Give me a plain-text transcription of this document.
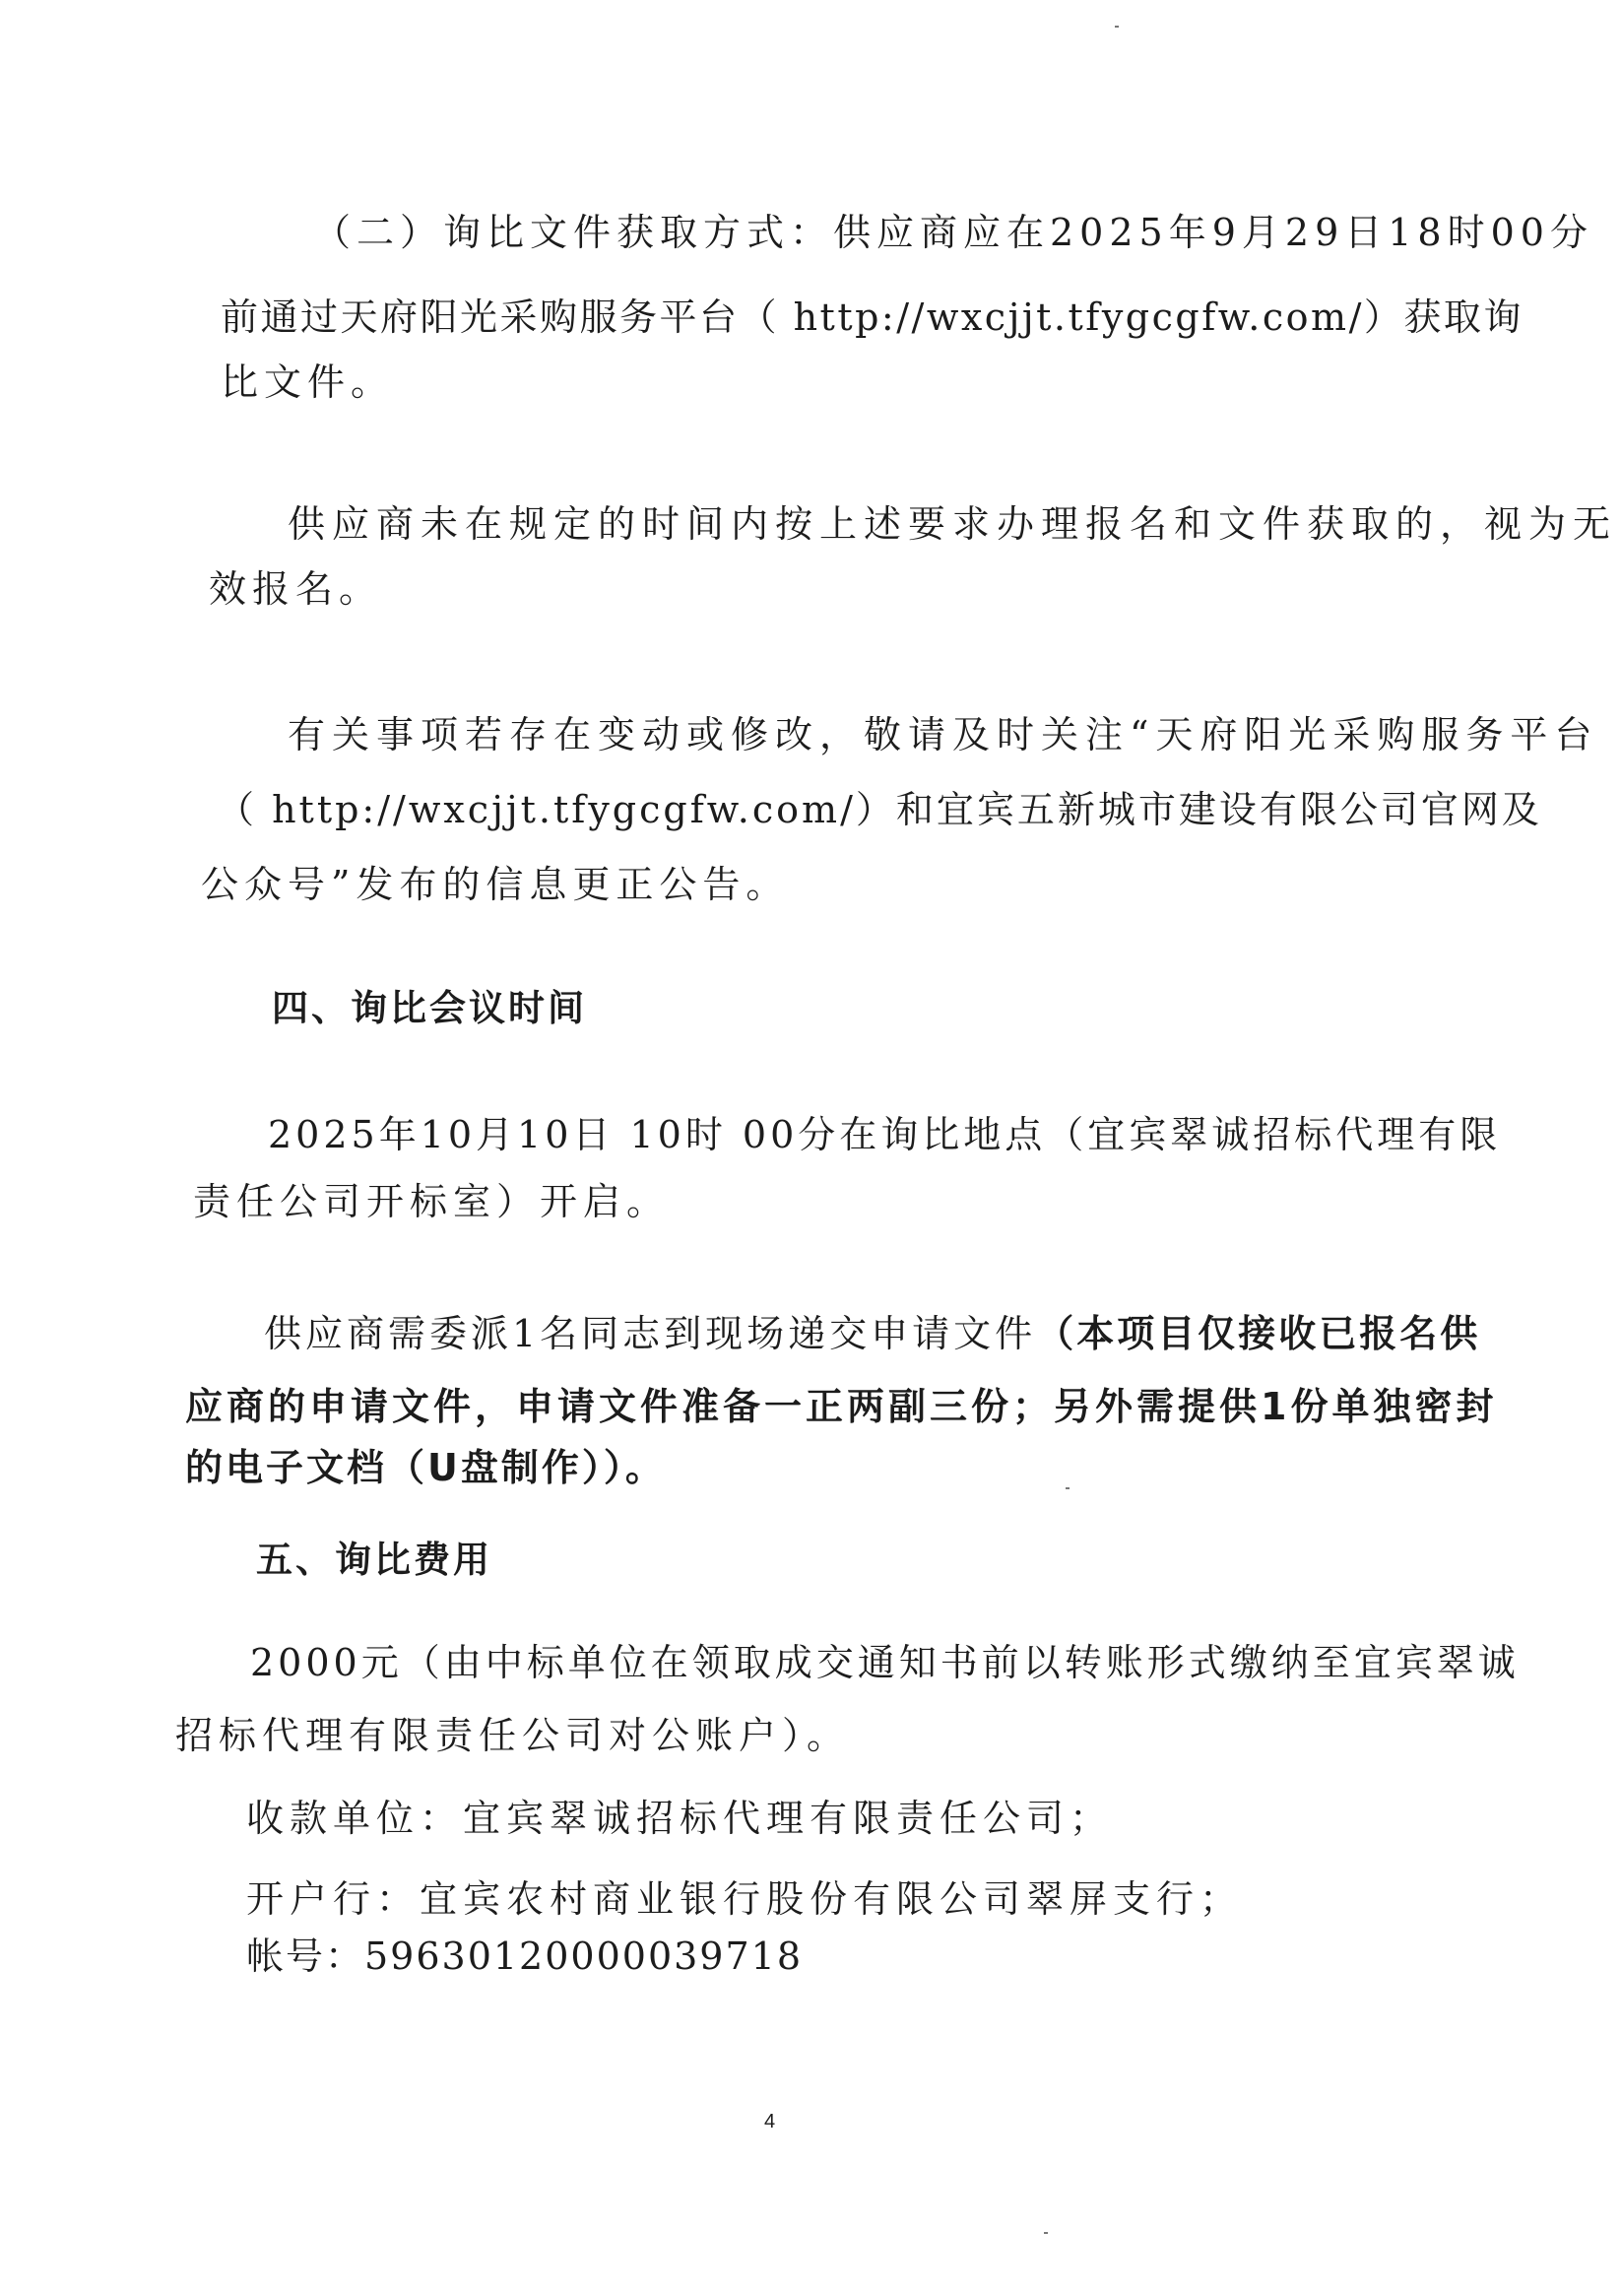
（二）询比文件获取方式：供应商应在2025年9月29日18时00分
前通过天府阳光采购服务平台（ http://wxcjjt.tfygcgfw.com/）获取询
比文件。
供应商未在规定的时间内按上述要求办理报名和文件获取的，视为无
效报名。
有关事项若存在变动或修改，敬请及时关注“天府阳光采购服务平台
（ http://wxcjjt.tfygcgfw.com/）和宜宾五新城市建设有限公司官网及
公众号”发布的信息更正公告。
四、询比会议时间
2025年10月10日 10时 00分在询比地点（宜宾翠诚招标代理有限
责任公司开标室）开启。
供应商需委派1名同志到现场递交申请文件（本项目仅接收已报名供
应商的申请文件，申请文件准备一正两副三份；另外需提供1份单独密封
的电子文档（U盘制作））。
五、询比费用
2000元（由中标单位在领取成交通知书前以转账形式缴纳至宜宾翠诚
招标代理有限责任公司对公账户）。
收款单位：宜宾翠诚招标代理有限责任公司；
开户行：宜宾农村商业银行股份有限公司翠屏支行；
帐号：59630120000039718
4
